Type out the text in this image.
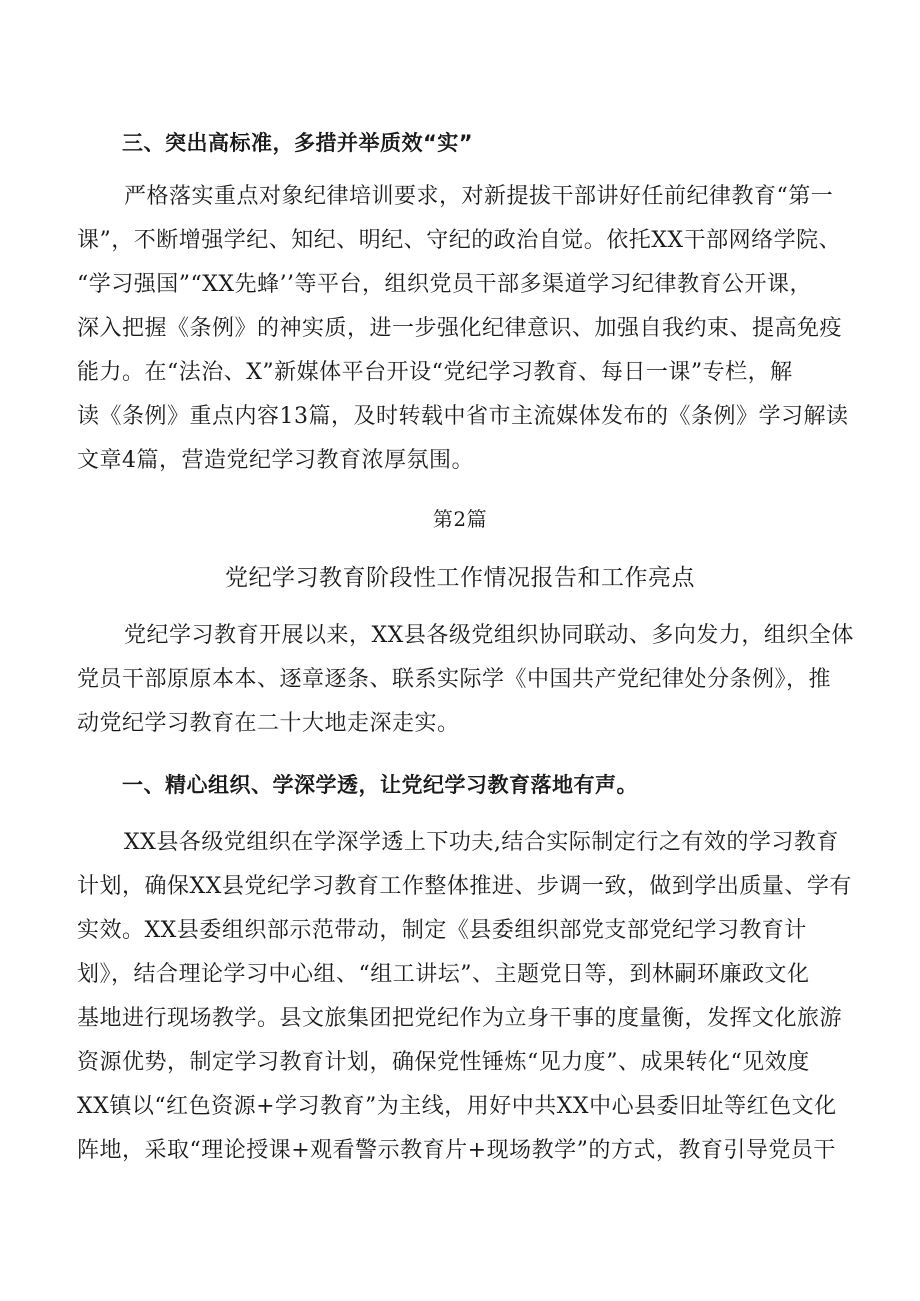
三、突出高标准，多措并举质效“实”
严格落实重点对象纪律培训要求，对新提拔干部讲好任前纪律教育“第一
课”，不断增强学纪、知纪、明纪、守纪的政治自觉。依托XX干部网络学院、
“学习强国”“XX先蜂’’等平台，组织党员干部多渠道学习纪律教育公开课，
深入把握《条例》的神实质，进一步强化纪律意识、加强自我约束、提高免疫
能力。在“法治、X”新媒体平台开设“党纪学习教育、每日一课”专栏，解
读《条例》重点内容13篇，及时转载中省市主流媒体发布的《条例》学习解读
文章4篇，营造党纪学习教育浓厚氛围。
第2篇
党纪学习教育阶段性工作情况报告和工作亮点
党纪学习教育开展以来，XX县各级党组织协同联动、多向发力，组织全体
党员干部原原本本、逐章逐条、联系实际学《中国共产党纪律处分条例》，推
动党纪学习教育在二十大地走深走实。
一、精心组织、学深学透，让党纪学习教育落地有声。
XX县各级党组织在学深学透上下功夫,结合实际制定行之有效的学习教育
计划，确保XX县党纪学习教育工作整体推进、步调一致，做到学出质量、学有
实效。XX县委组织部示范带动，制定《县委组织部党支部党纪学习教育计
划》，结合理论学习中心组、“组工讲坛”、主题党日等，到林嗣环廉政文化
基地进行现场教学。县文旅集团把党纪作为立身干事的度量衡，发挥文化旅游
资源优势，制定学习教育计划，确保党性锤炼“见力度”、成果转化“见效度
XX镇以“红色资源+学习教育”为主线，用好中共XX中心县委旧址等红色文化
阵地，采取“理论授课+观看警示教育片+现场教学”的方式，教育引导党员干
